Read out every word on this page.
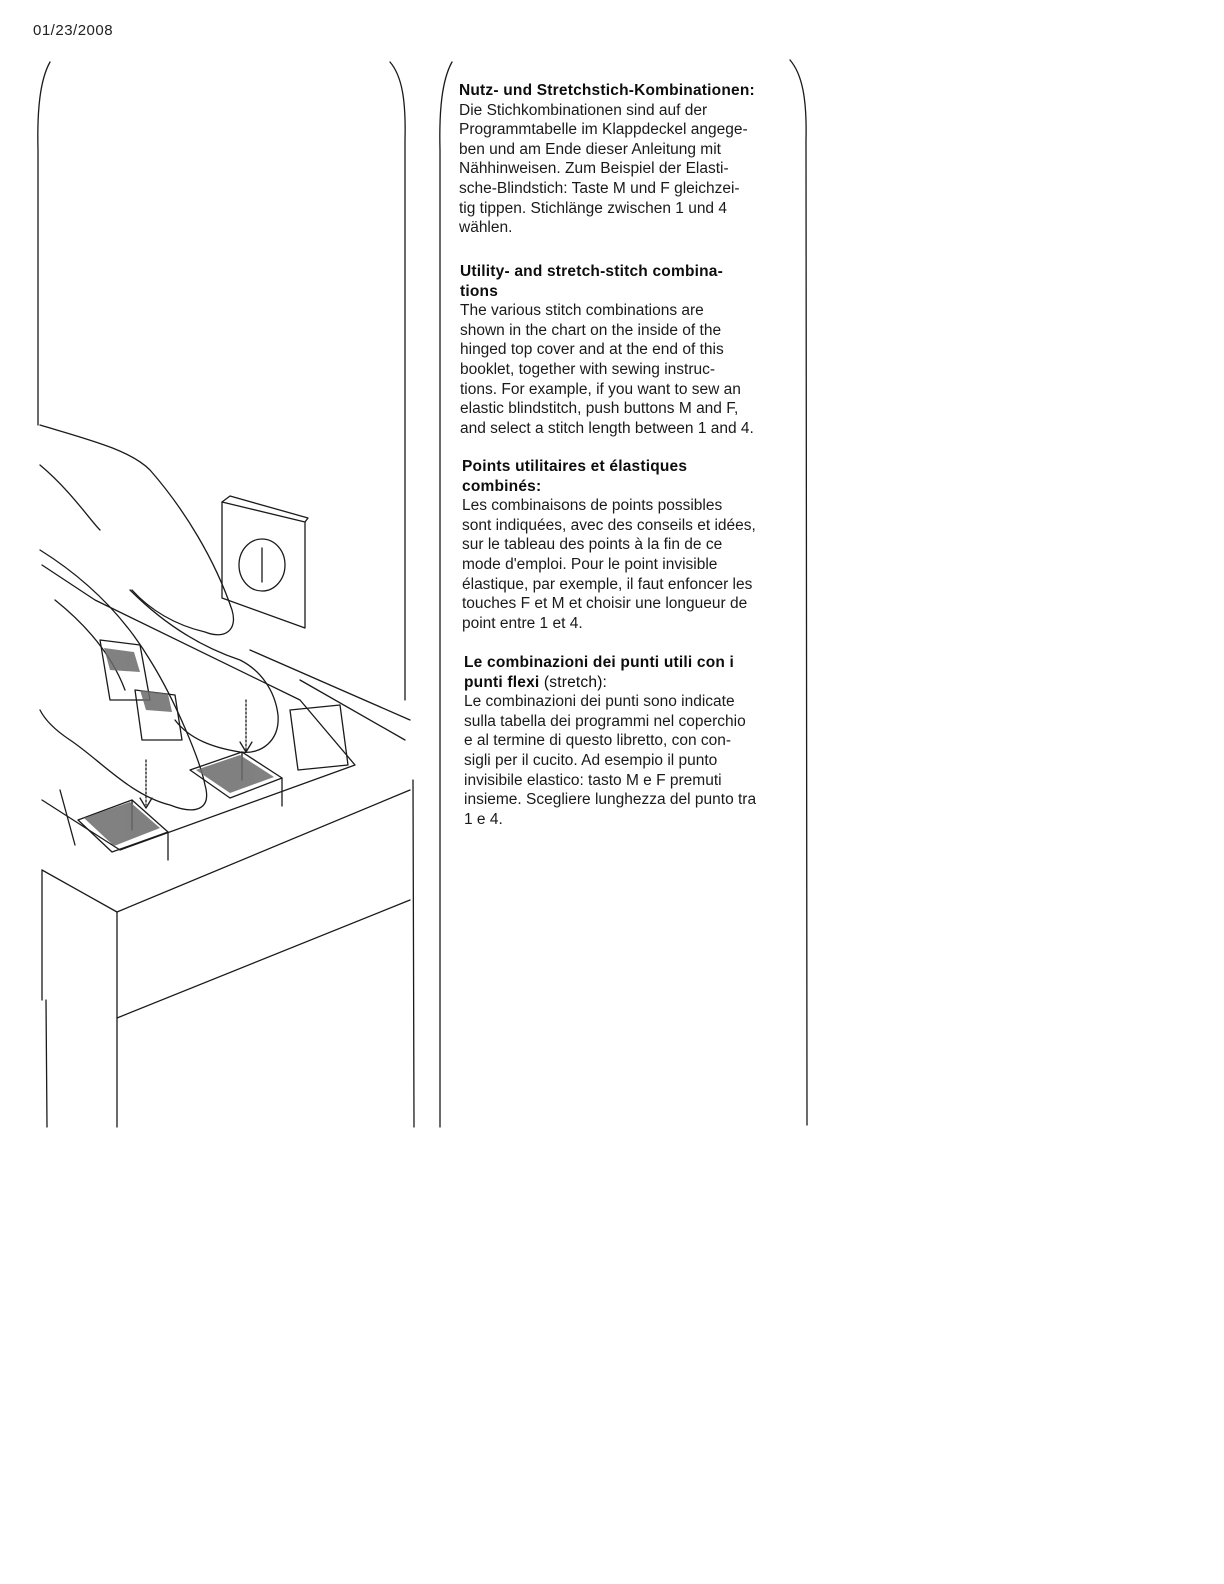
01/23/2008
Nutz- und Stretchstich-Kombinationen:

Die Stichkombinationen sind auf der
Programmtabelle im Klappdeckel angege-
ben und am Ende dieser Anleitung mit
Nähhinweisen. Zum Beispiel der Elasti-
sche-Blindstich: Taste M und F gleichzei-
tig tippen. Stichlänge zwischen 1 und 4
wählen.

Utility- and stretch-stitch combina-
tions

The various stitch combinations are
shown in the chart on the inside of the
hinged top cover and at the end of this
booklet, together with sewing instruc-
tions. For example, if you want to sew an
elastic blindstitch, push buttons M and F,
and select a stitch length between 1 and 4.

Points utilitaires et élastiques
combinés:

Les combinaisons de points possibles
sont indiquées, avec des conseils et idées,
sur le tableau des points à la fin de ce
mode d'emploi. Pour le point invisible
élastique, par exemple, il faut enfoncer les
touches F et M et choisir une longueur de
point entre 1 et 4.

Le combinazioni dei punti utili con i
punti flexi (stretch):

Le combinazioni dei punti sono indicate
sulla tabella dei programmi nel coperchio
e al termine di questo libretto, con con-
sigli per il cucito. Ad esempio il punto
invisibile elastico: tasto M e F premuti
insieme. Scegliere lunghezza del punto tra
1 e 4.
